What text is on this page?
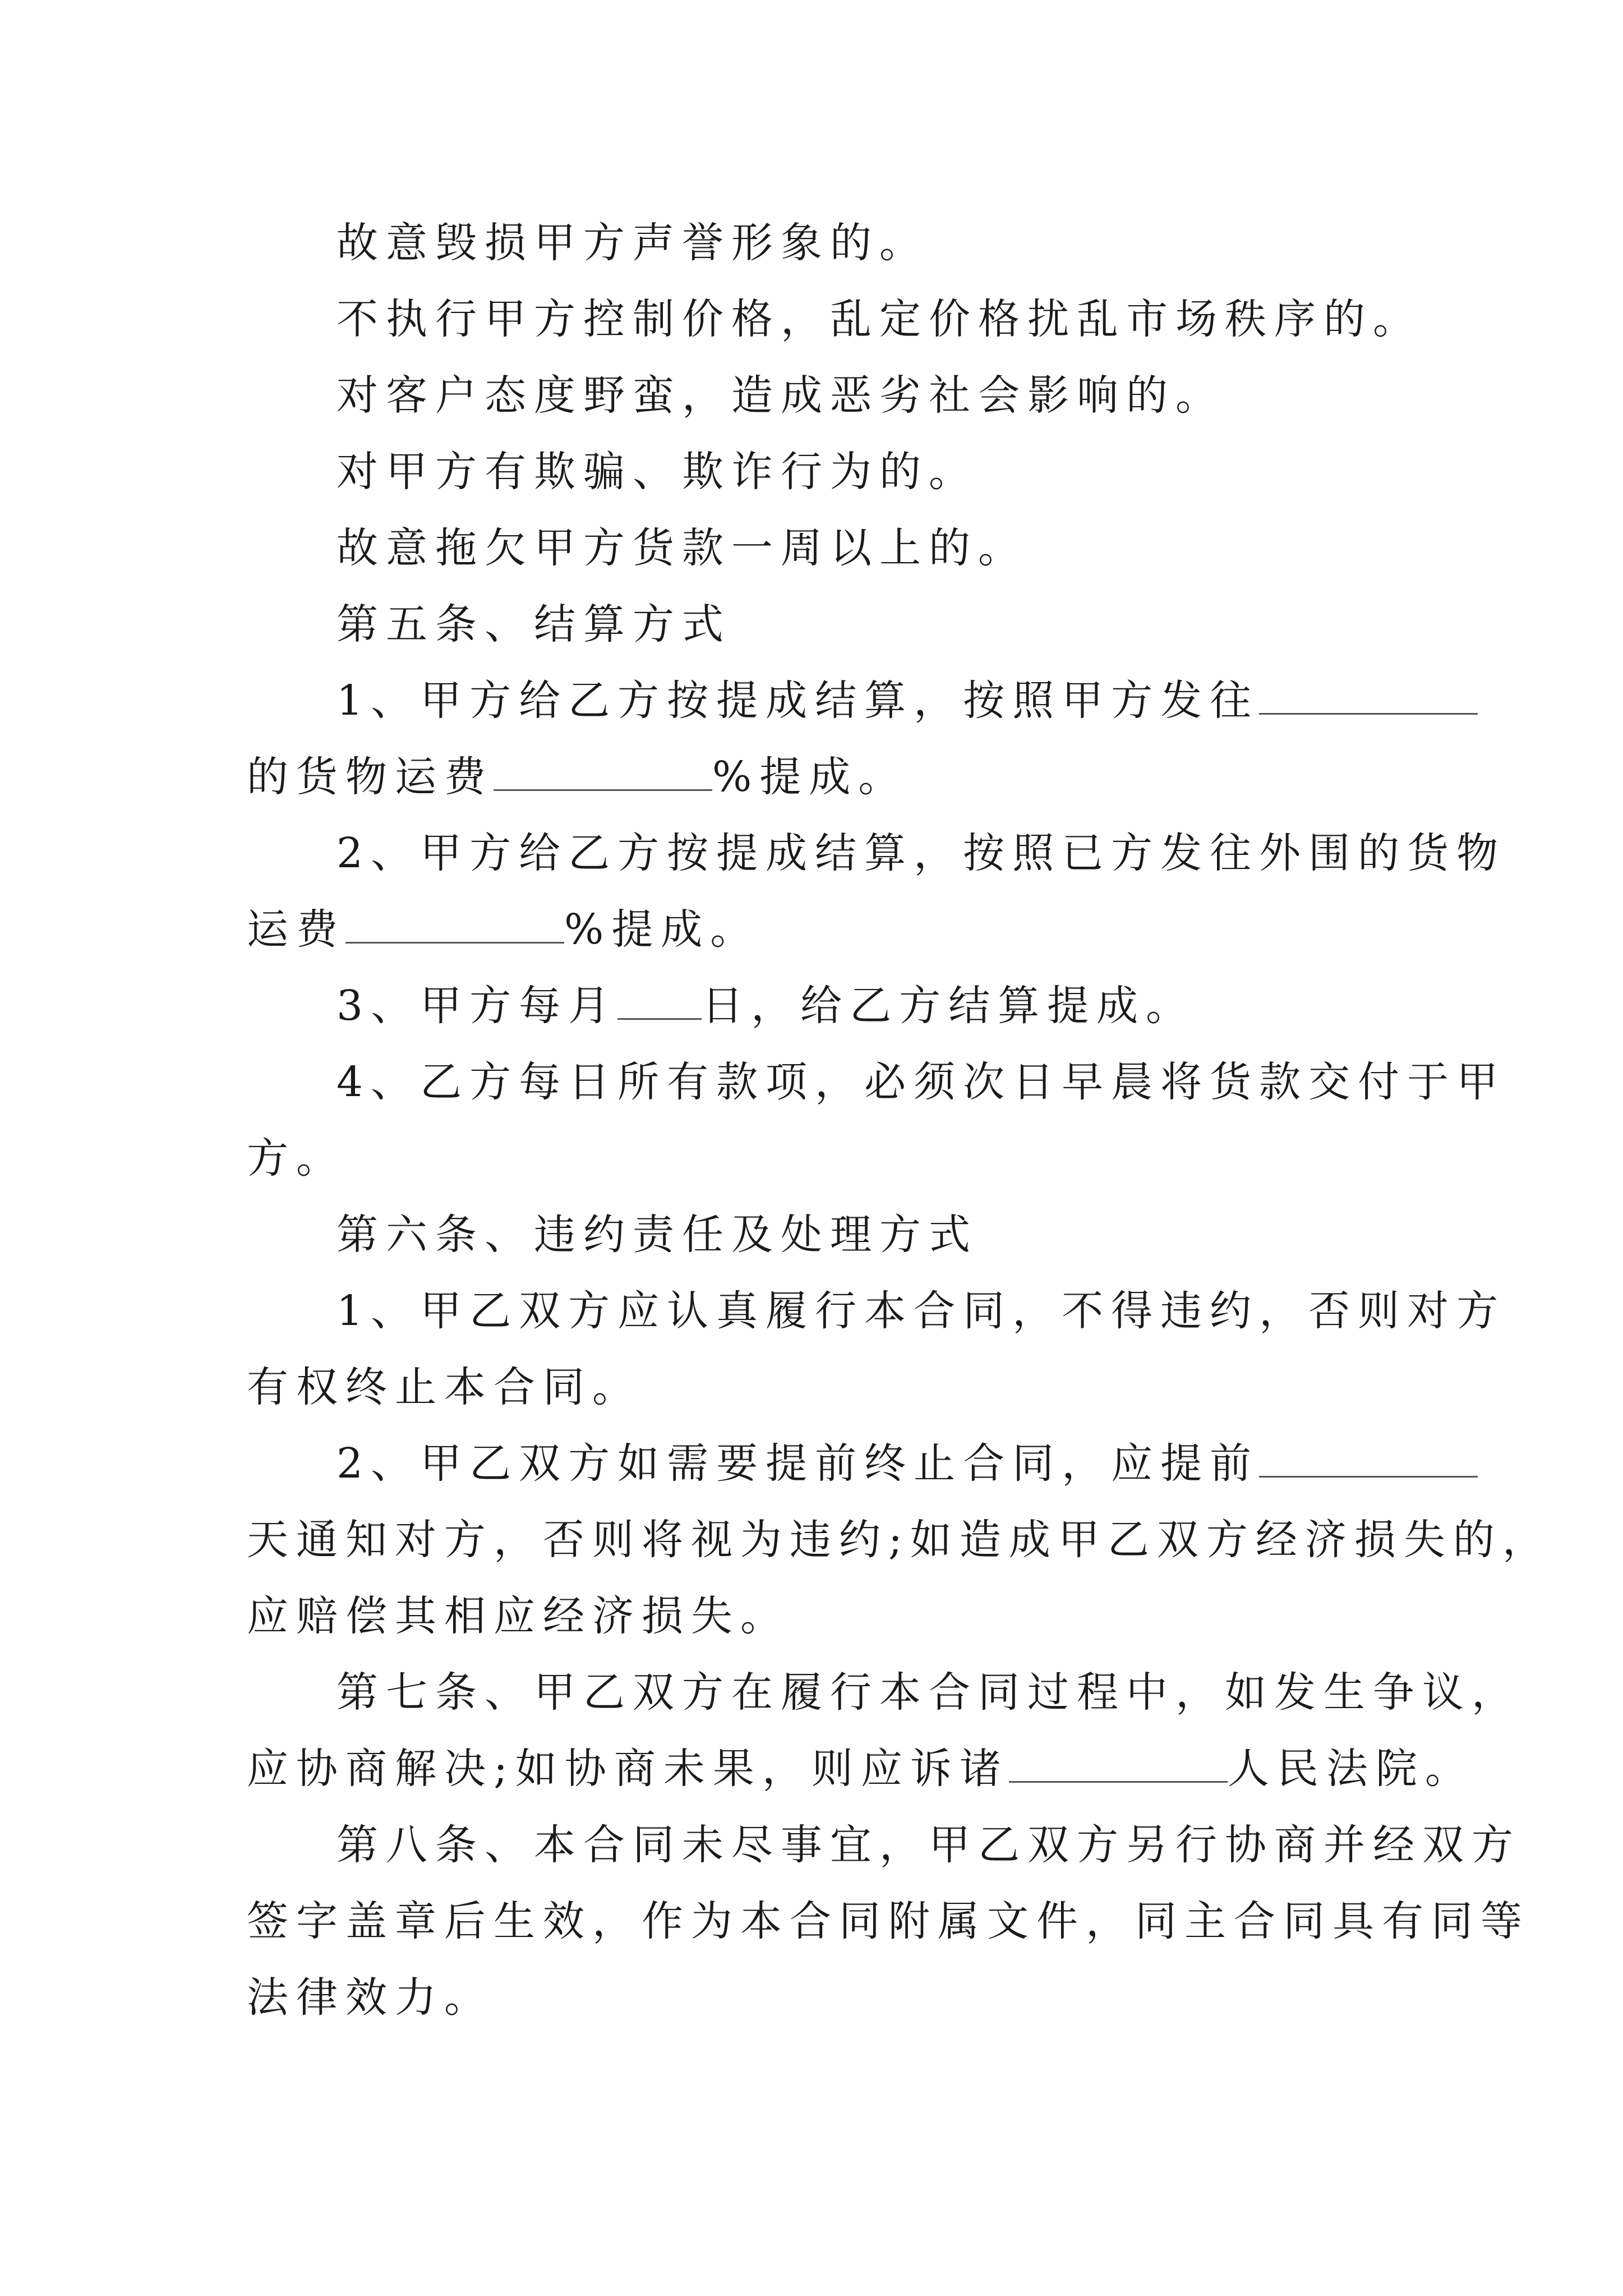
故意毁损甲方声誉形象的。

不执行甲方控制价格，乱定价格扰乱市场秩序的。

对客户态度野蛮，造成恶劣社会影响的。

对甲方有欺骗、欺诈行为的。

故意拖欠甲方货款一周以上的。

第五条、结算方式

1、甲方给乙方按提成结算，按照甲方发往

的货物运费	%提成。

2、甲方给乙方按提成结算，按照已方发往外围的货物

运费	%提成。

3、甲方每月 日，给乙方结算提成。

4、乙方每日所有款项，必须次日早晨将货款交付于甲

方。

第六条、违约责任及处理方式

1、甲乙双方应认真履行本合同，不得违约，否则对方

有权终止本合同。

2、甲乙双方如需要提前终止合同，应提前

天通知对方，否则将视为违约;如造成甲乙双方经济损失的，

应赔偿其相应经济损失。

第七条、甲乙双方在履行本合同过程中，如发生争议，

应协商解决;如协商未果，则应诉诸	人民法院。

第八条、本合同未尽事宜，甲乙双方另行协商并经双方

签字盖章后生效，作为本合同附属文件，同主合同具有同等

法律效力。
